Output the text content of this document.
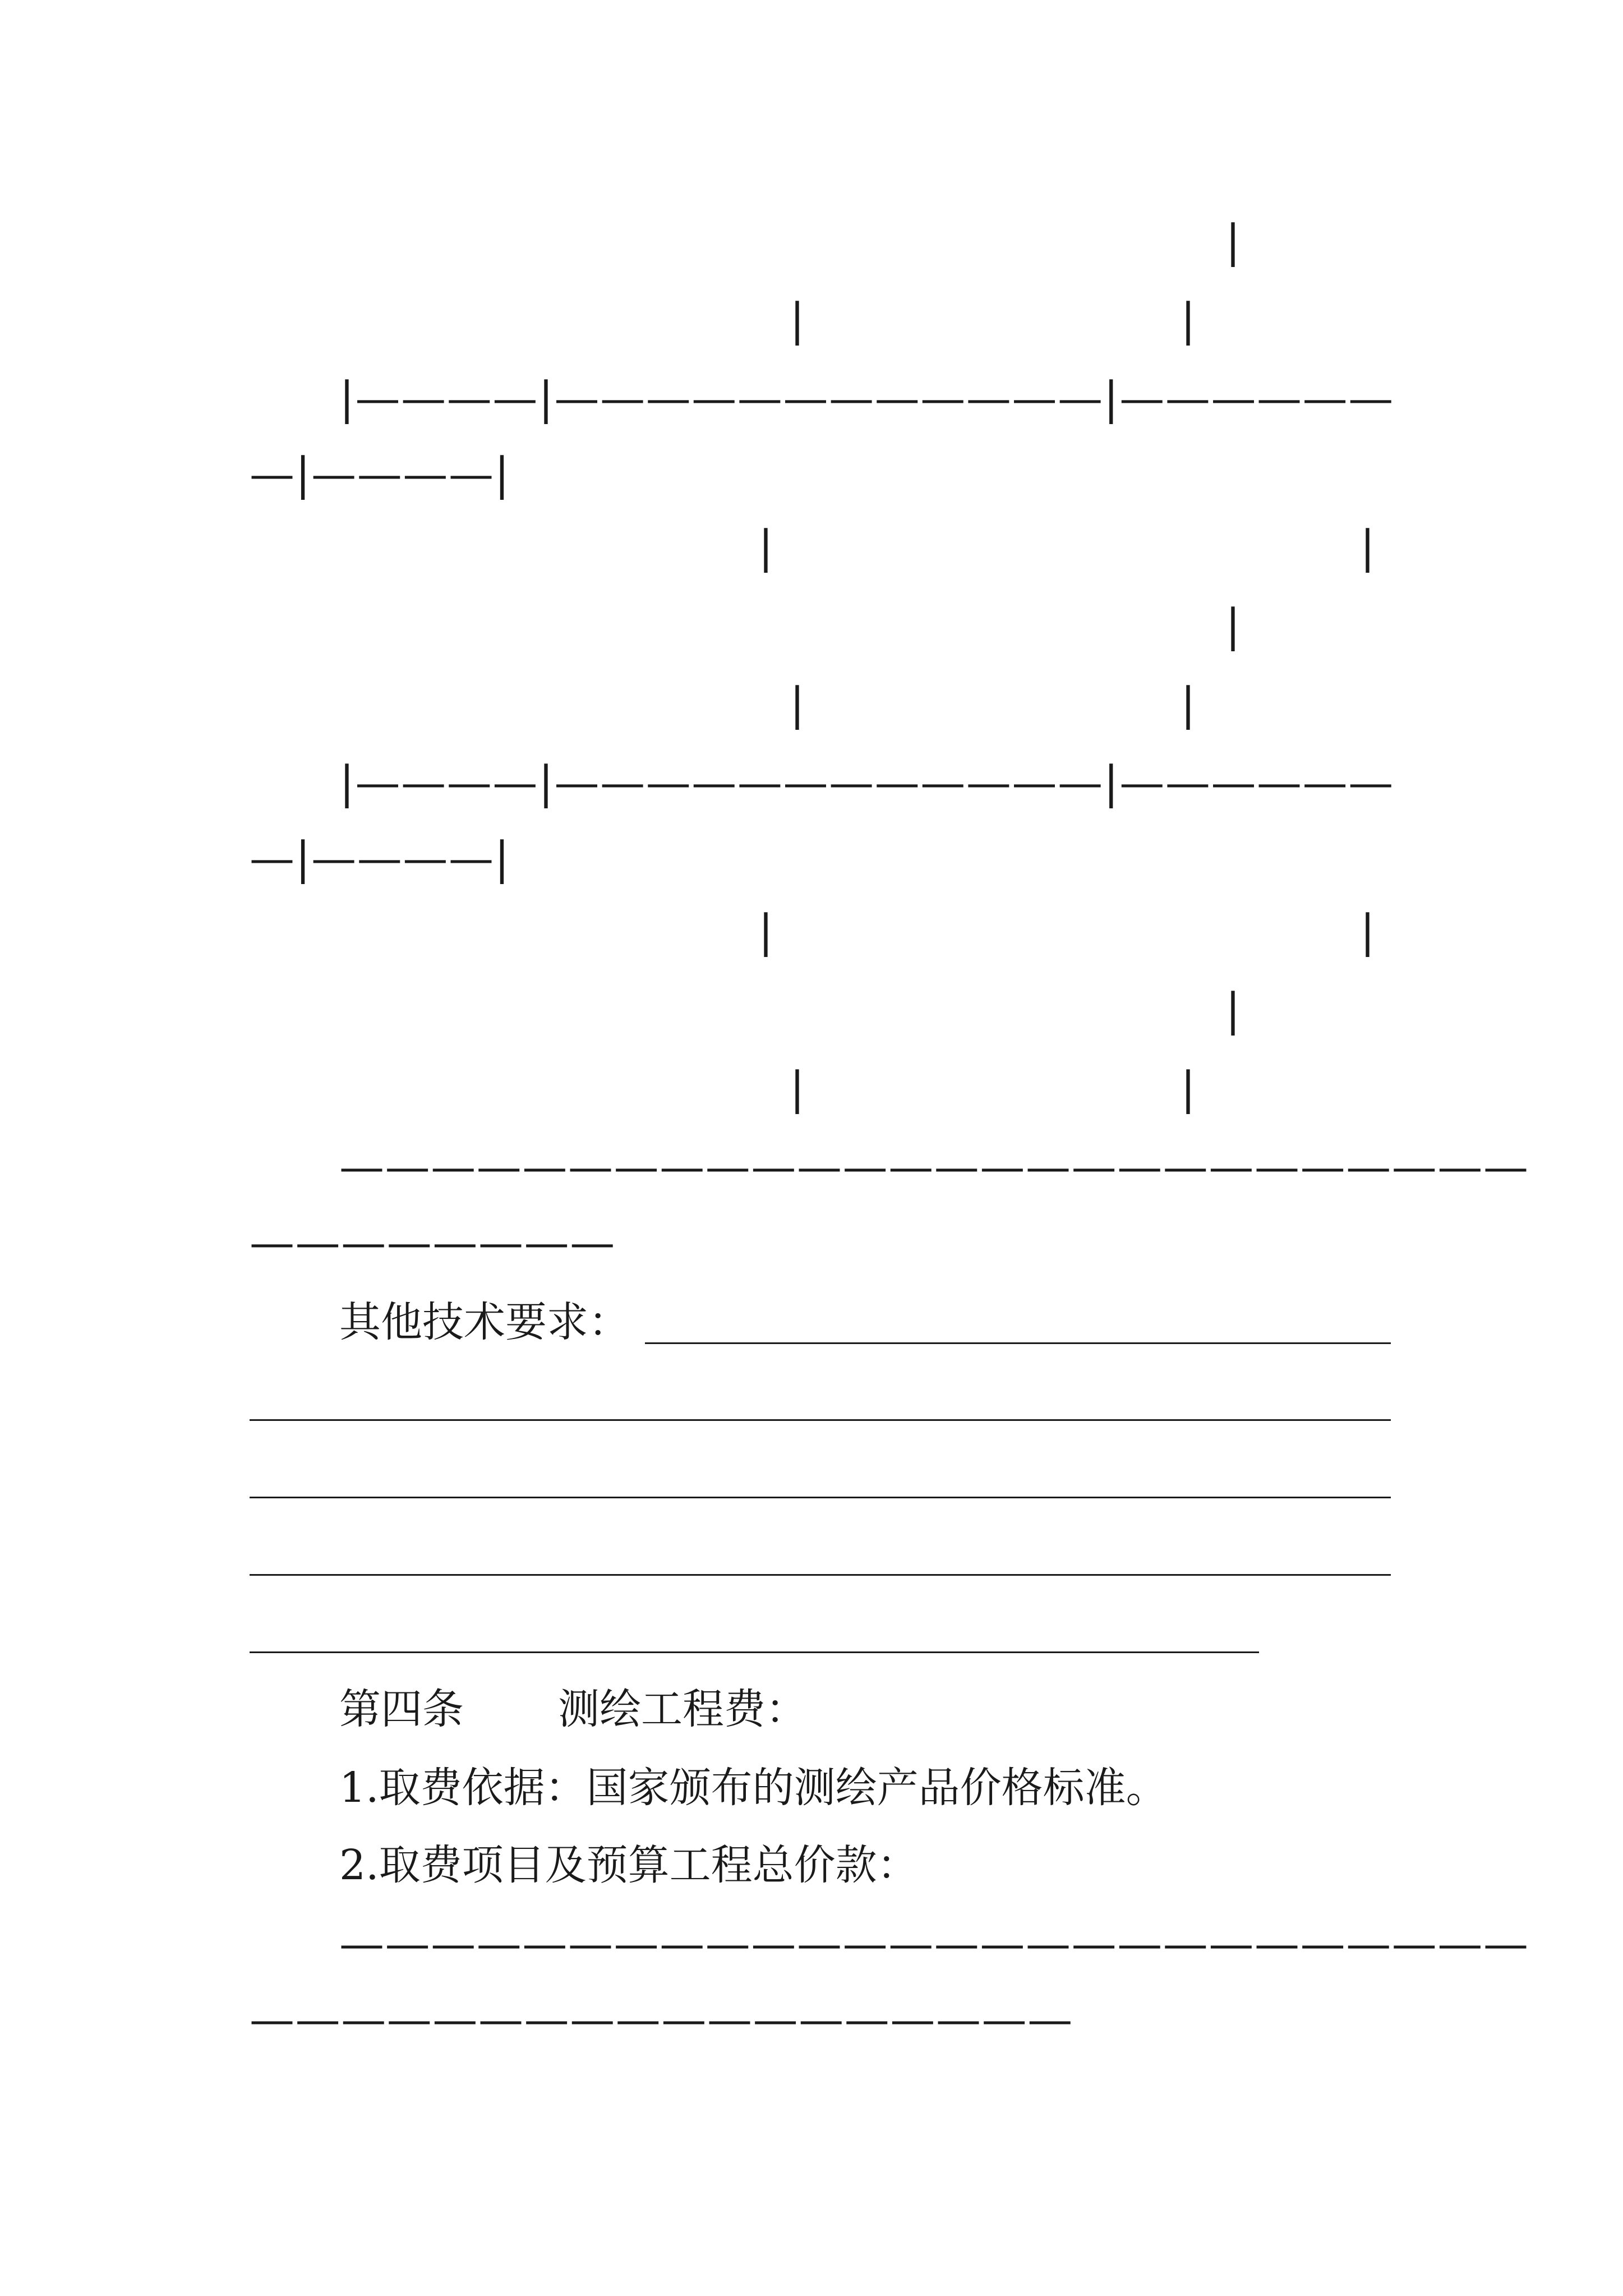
|
|	|
|————|————————————|——————
—|————|
|	|
|
|	|
|————|————————————|——————
—|————|
|	|
|
|	|
——————————————————————————
————————
其他技术要求：
第四条 测绘工程费：
1.取费依据：国家颁布的测绘产品价格标准。
2.取费项目及预算工程总价款：
——————————————————————————
——————————————————
